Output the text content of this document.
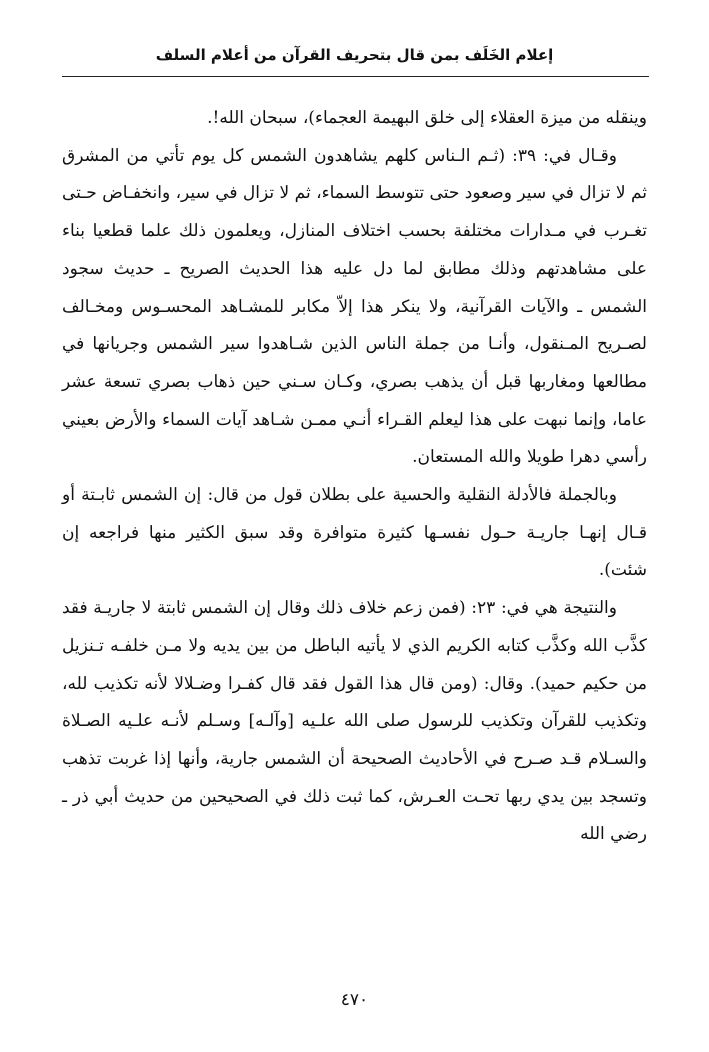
إعلام الخَلَف بمن قال بتحريف القرآن من أعلام السلف

وينقله من ميزة العقلاء إلى خلق البهيمة العجماء)، سبحان الله!.

وقـال في: ٣٩: (ثـم الـناس كلهم يشاهدون الشمس كل يوم تأتي من المشرق ثم لا تزال في سير وصعود حتى تتوسط السماء، ثم لا تزال في سير، وانخفـاض حـتى تغـرب في مـدارات مختلفة بحسب اختلاف المنازل، ويعلمون ذلك علما قطعيا بناء على مشاهدتهم وذلك مطابق لما دل عليه هذا الحديث الصريح ـ حديث سجود الشمس ـ والآيات القرآنية، ولا ينكر هذا إلاّ مكابر للمشـاهد المحسـوس ومخـالف لصـريح المـنقول، وأنـا من جملة الناس الذين شـاهدوا سير الشمس وجريانها في مطالعها ومغاربها قبل أن يذهب بصري، وكـان سـني حين ذهاب بصري تسعة عشر عاما، وإنما نبهت على هذا ليعلم القـراء أنـي ممـن شـاهد آيات السماء والأرض بعيني رأسي دهرا طويلا والله المستعان.

وبالجملة فالأدلة النقلية والحسية على بطلان قول من قال: إن الشمس ثابـتة أو قـال إنهـا جاريـة حـول نفسـها كثيرة متوافرة وقد سبق الكثير منها فراجعه إن شئت).

والنتيجة هي في: ٢٣: (فمن زعم خلاف ذلك وقال إن الشمس ثابتة لا جاريـة فقد كذَّب الله وكذَّب كتابه الكريم الذي لا يأتيه الباطل من بين يديه ولا مـن خلفـه تـنزيل من حكيم حميد). وقال: (ومن قال هذا القول فقد قال كفـرا وضـلالا لأنه تكذيب لله، وتكذيب للقرآن وتكذيب للرسول صلى الله علـيه [وآلـه] وسـلم لأنـه علـيه الصـلاة والسـلام قـد صـرح في الأحاديث الصحيحة أن الشمس جارية، وأنها إذا غربت تذهب وتسجد بين يدي ربها تحـت العـرش، كما ثبت ذلك في الصحيحين من حديث أبي ذر ـ رضي الله

٤٧٠
